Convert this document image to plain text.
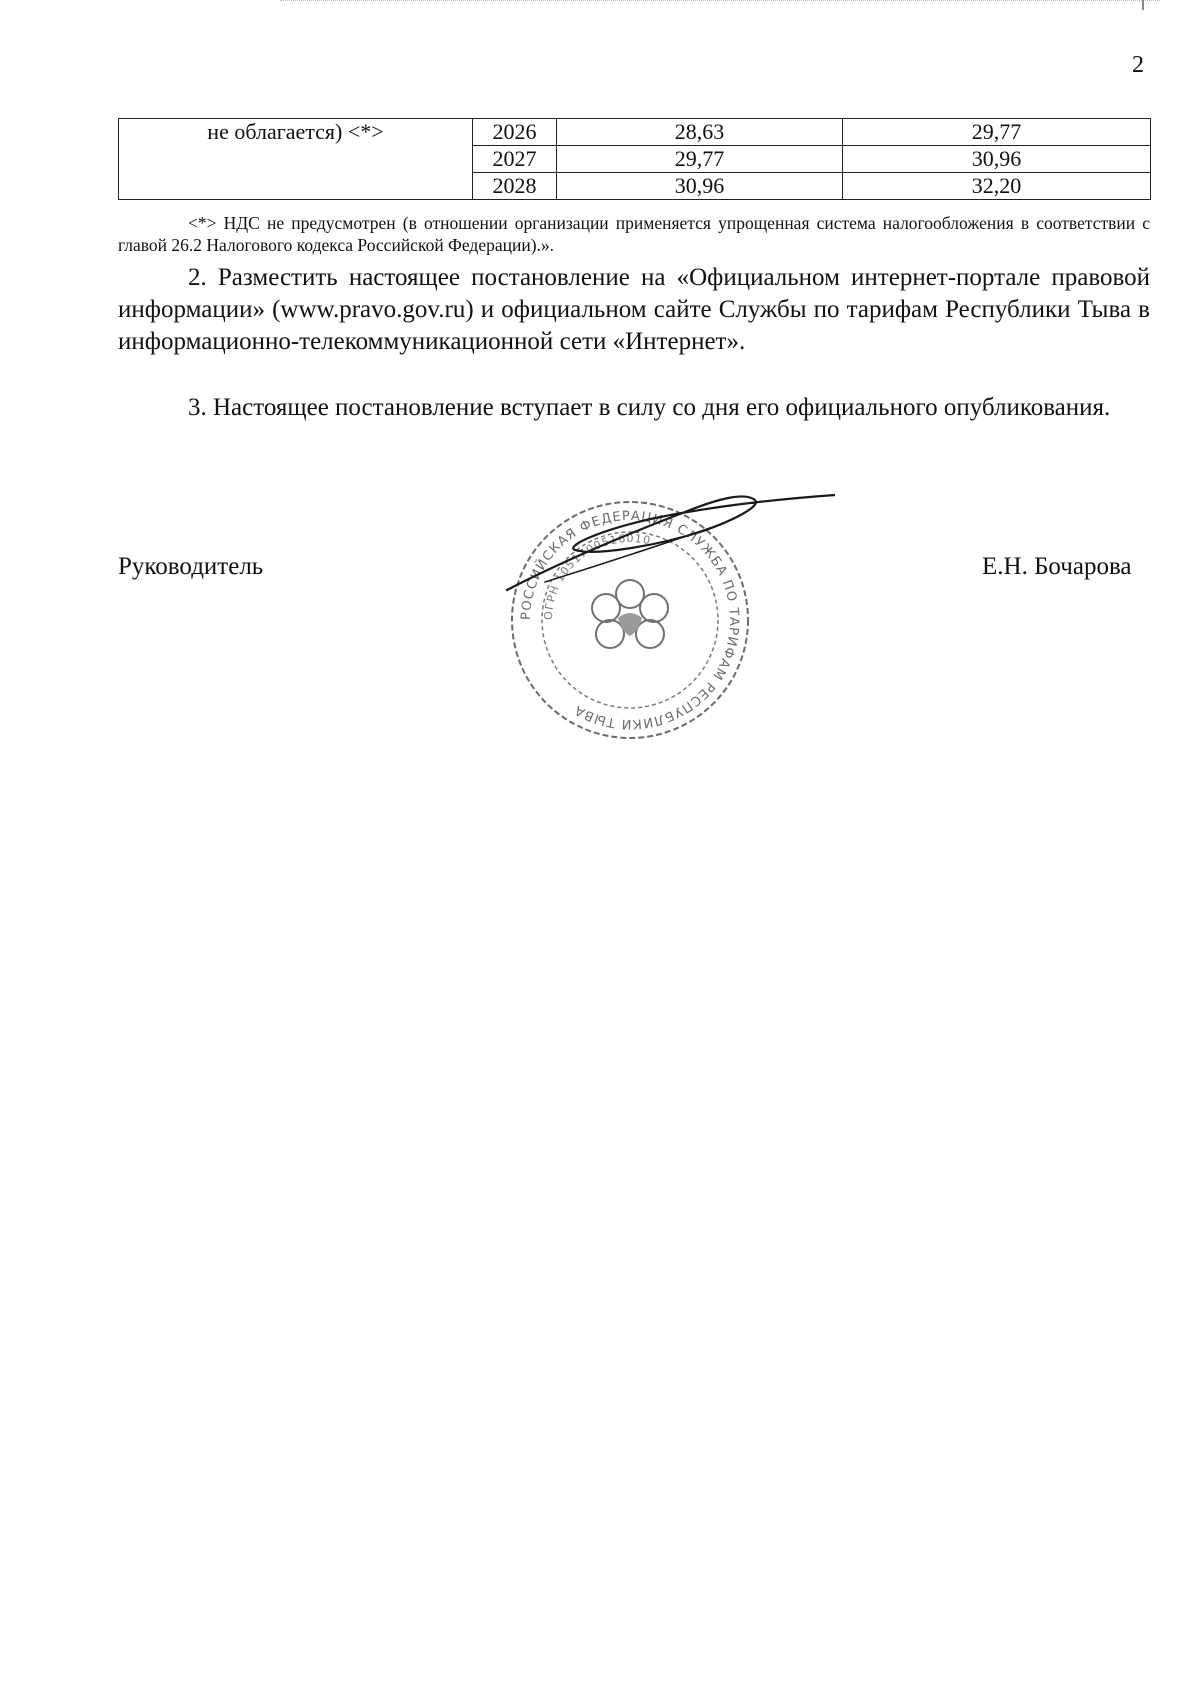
2
не облагается) <*>	2026	28,63	29,77
	2027	29,77	30,96
	2028	30,96	32,20
<*> НДС не предусмотрен (в отношении организации применяется упрощенная система налогообложения в соответствии с главой 26.2 Налогового кодекса Российской Федерации).».
2. Разместить настоящее постановление на «Официальном интернет-портале правовой информации» (www.pravo.gov.ru) и официальном сайте Службы по тарифам Республики Тыва в информационно-телекоммуникационной сети «Интернет».
3. Настоящее постановление вступает в силу со дня его официального опубликования.
Руководитель	Е.Н. Бочарова
РОССИЙСКАЯ ФЕДЕРАЦИЯ СЛУЖБА ПО ТАРИФАМ РЕСПУБЛИКИ ТЫВА
ОГРН 1051700516010
